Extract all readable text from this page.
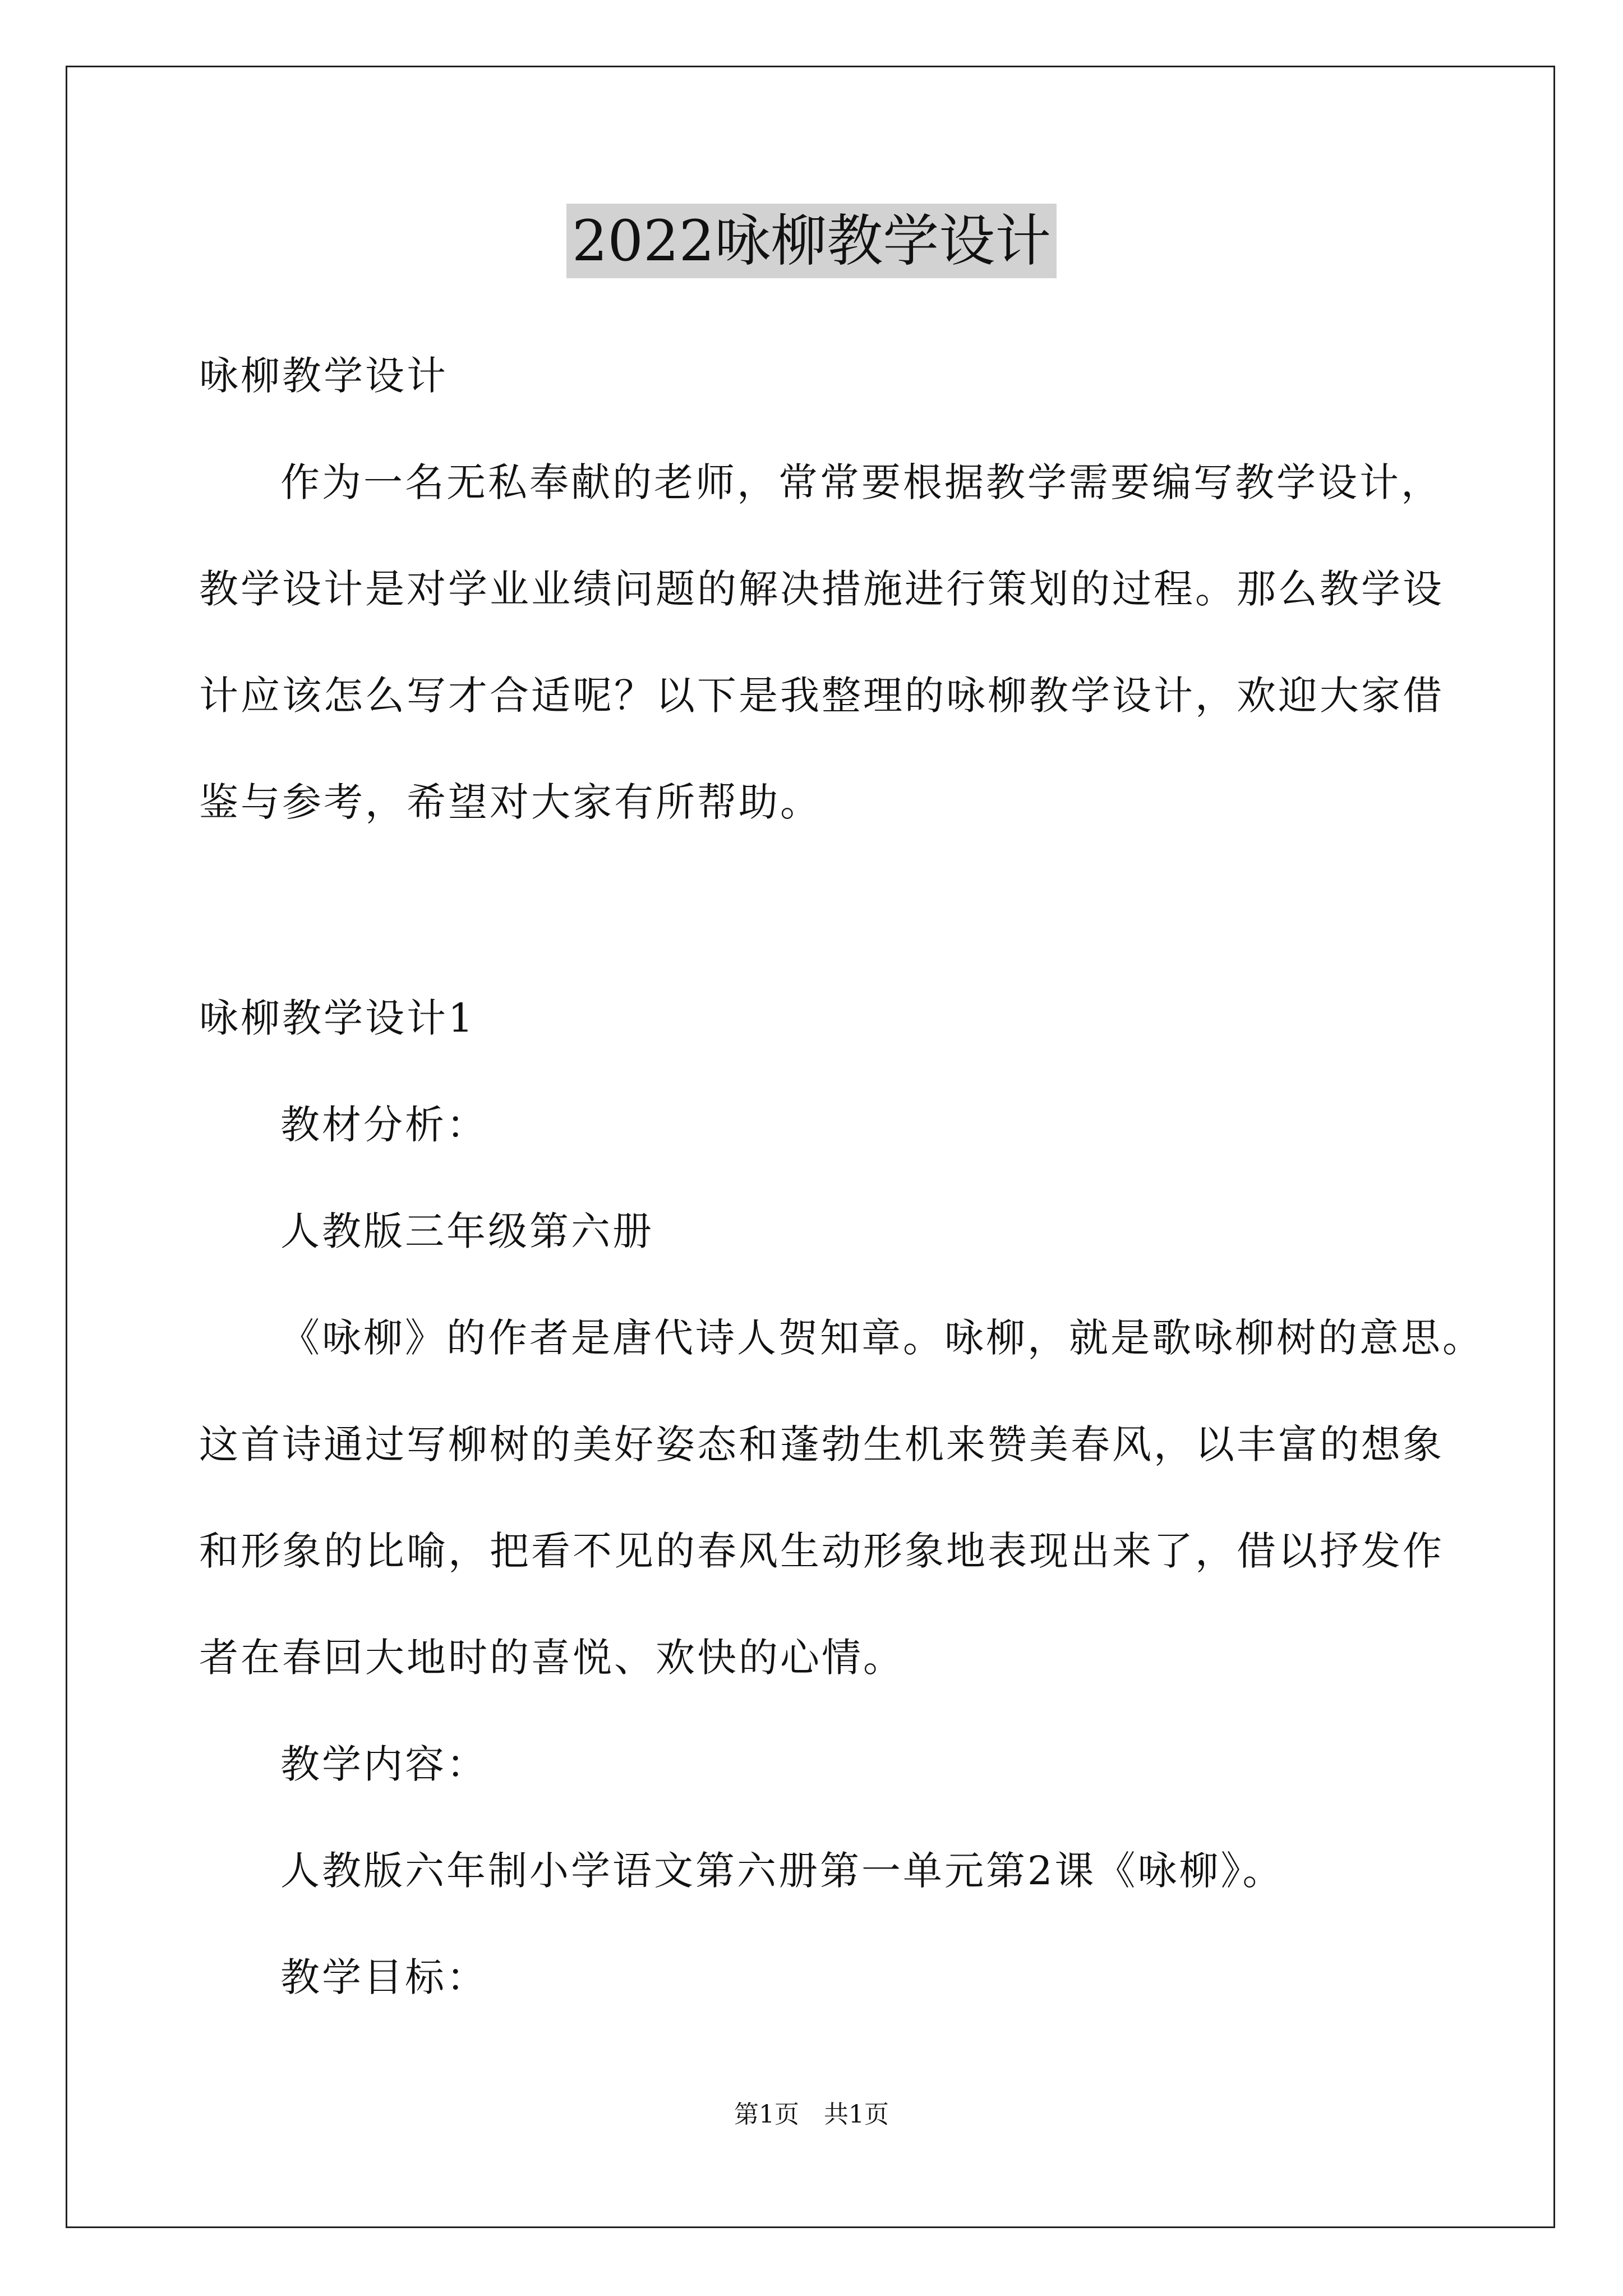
2022咏柳教学设计
咏柳教学设计
作为一名无私奉献的老师，常常要根据教学需要编写教学设计，
教学设计是对学业业绩问题的解决措施进行策划的过程。那么教学设
计应该怎么写才合适呢？以下是我整理的咏柳教学设计，欢迎大家借
鉴与参考，希望对大家有所帮助。
咏柳教学设计1
教材分析：
人教版三年级第六册
《咏柳》的作者是唐代诗人贺知章。咏柳，就是歌咏柳树的意思。
这首诗通过写柳树的美好姿态和蓬勃生机来赞美春风，以丰富的想象
和形象的比喻，把看不见的春风生动形象地表现出来了，借以抒发作
者在春回大地时的喜悦、欢快的心情。
教学内容：
人教版六年制小学语文第六册第一单元第2课《咏柳》。
教学目标：
第1页　共1页
